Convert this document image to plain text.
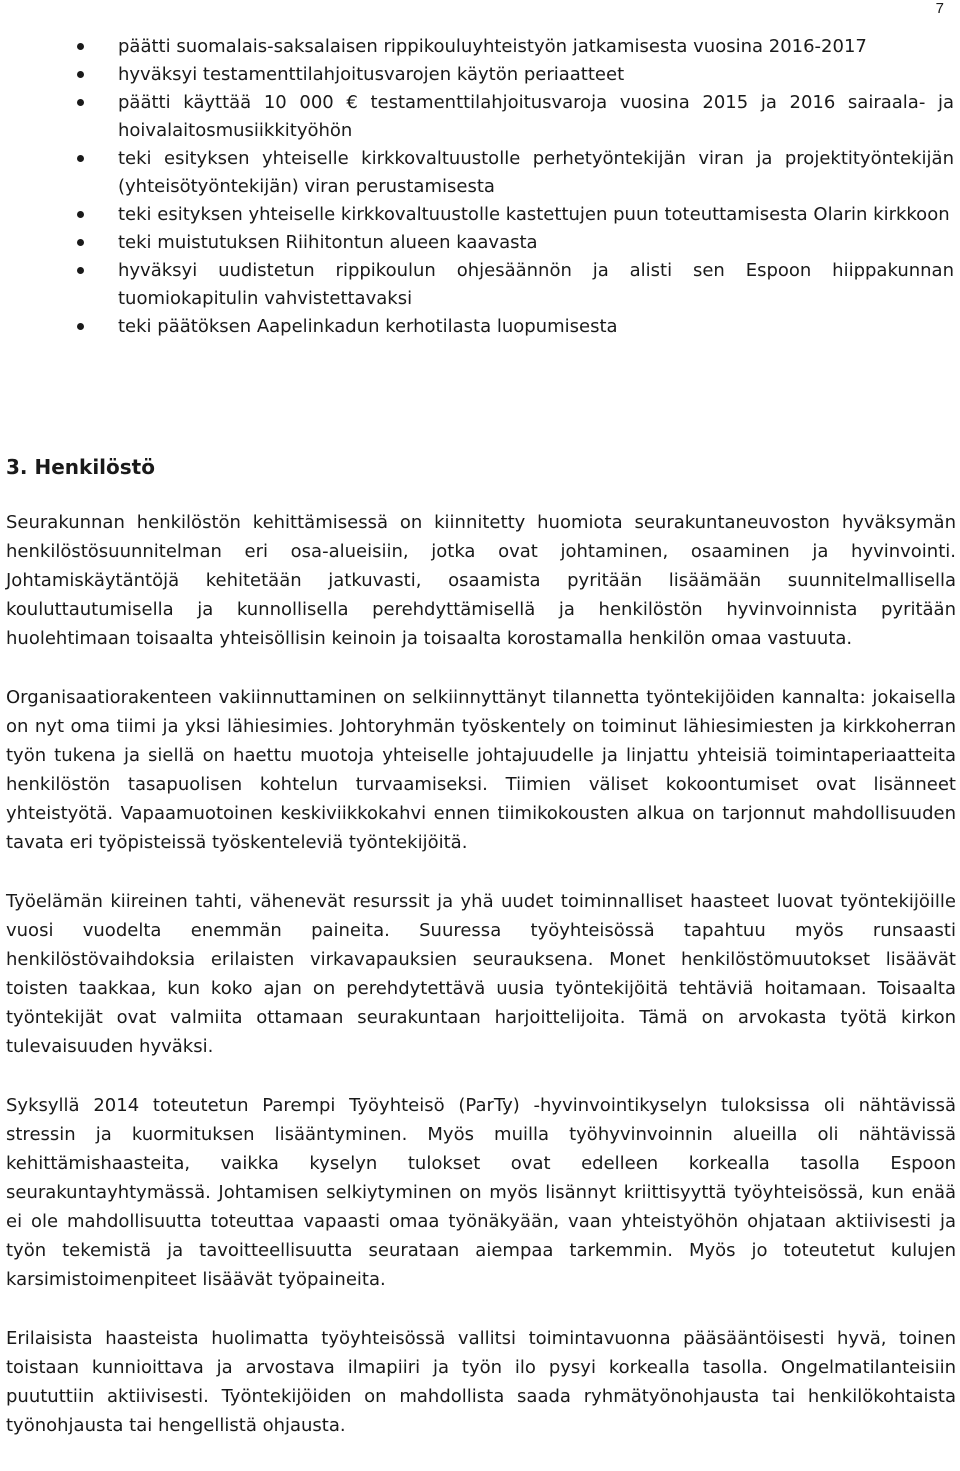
7
päätti suomalais-saksalaisen rippikouluyhteistyön jatkamisesta vuosina 2016-2017
hyväksyi testamenttilahjoitusvarojen käytön periaatteet
päätti käyttää 10 000 € testamenttilahjoitusvaroja vuosina 2015 ja 2016 sairaala- ja hoivalaitosmusiikkityöhön
teki esityksen yhteiselle kirkkovaltuustolle perhetyöntekijän viran ja projektityöntekijän (yhteisötyöntekijän) viran perustamisesta
teki esityksen yhteiselle kirkkovaltuustolle kastettujen puun toteuttamisesta Olarin kirkkoon
teki muistutuksen Riihitontun alueen kaavasta
hyväksyi uudistetun rippikoulun ohjesäännön ja alisti sen Espoon hiippakunnan tuomiokapitulin vahvistettavaksi
teki päätöksen Aapelinkadun kerhotilasta luopumisesta
3. Henkilöstö

Seurakunnan henkilöstön kehittämisessä on kiinnitetty huomiota seurakuntaneuvoston hyväksymän henkilöstösuunnitelman eri osa-alueisiin, jotka ovat johtaminen, osaaminen ja hyvinvointi. Johtamiskäytäntöjä kehitetään jatkuvasti, osaamista pyritään lisäämään suunnitelmallisella kouluttautumisella ja kunnollisella perehdyttämisellä ja henkilöstön hyvinvoinnista pyritään huolehtimaan toisaalta yhteisöllisin keinoin ja toisaalta korostamalla henkilön omaa vastuuta.

Organisaatiorakenteen vakiinnuttaminen on selkiinnyttänyt tilannetta työntekijöiden kannalta: jokaisella on nyt oma tiimi ja yksi lähiesimies. Johtoryhmän työskentely on toiminut lähiesimiesten ja kirkkoherran työn tukena ja siellä on haettu muotoja yhteiselle johtajuudelle ja linjattu yhteisiä toimintaperiaatteita henkilöstön tasapuolisen kohtelun turvaamiseksi. Tiimien väliset kokoontumiset ovat lisänneet yhteistyötä. Vapaamuotoinen keskiviikkokahvi ennen tiimikokousten alkua on tarjonnut mahdollisuuden tavata eri työpisteissä työskenteleviä työntekijöitä.

Työelämän kiireinen tahti, vähenevät resurssit ja yhä uudet toiminnalliset haasteet luovat työntekijöille vuosi vuodelta enemmän paineita. Suuressa työyhteisössä tapahtuu myös runsaasti henkilöstövaihdoksia erilaisten virkavapauksien seurauksena. Monet henkilöstömuutokset lisäävät toisten taakkaa, kun koko ajan on perehdytettävä uusia työntekijöitä tehtäviä hoitamaan. Toisaalta työntekijät ovat valmiita ottamaan seurakuntaan harjoittelijoita. Tämä on arvokasta työtä kirkon tulevaisuuden hyväksi.

Syksyllä 2014 toteutetun Parempi Työyhteisö (ParTy) -hyvinvointikyselyn tuloksissa oli nähtävissä stressin ja kuormituksen lisääntyminen. Myös muilla työhyvinvoinnin alueilla oli nähtävissä kehittämishaasteita, vaikka kyselyn tulokset ovat edelleen korkealla tasolla Espoon seurakuntayhtymässä. Johtamisen selkiytyminen on myös lisännyt kriittisyyttä työyhteisössä, kun enää ei ole mahdollisuutta toteuttaa vapaasti omaa työnäkyään, vaan yhteistyöhön ohjataan aktiivisesti ja työn tekemistä ja tavoitteellisuutta seurataan aiempaa tarkemmin. Myös jo toteutetut kulujen karsimistoimenpiteet lisäävät työpaineita.

Erilaisista haasteista huolimatta työyhteisössä vallitsi toimintavuonna pääsääntöisesti hyvä, toinen toistaan kunnioittava ja arvostava ilmapiiri ja työn ilo pysyi korkealla tasolla. Ongelmatilanteisiin puututtiin aktiivisesti. Työntekijöiden on mahdollista saada ryhmätyönohjausta tai henkilökohtaista työnohjausta tai hengellistä ohjausta.
